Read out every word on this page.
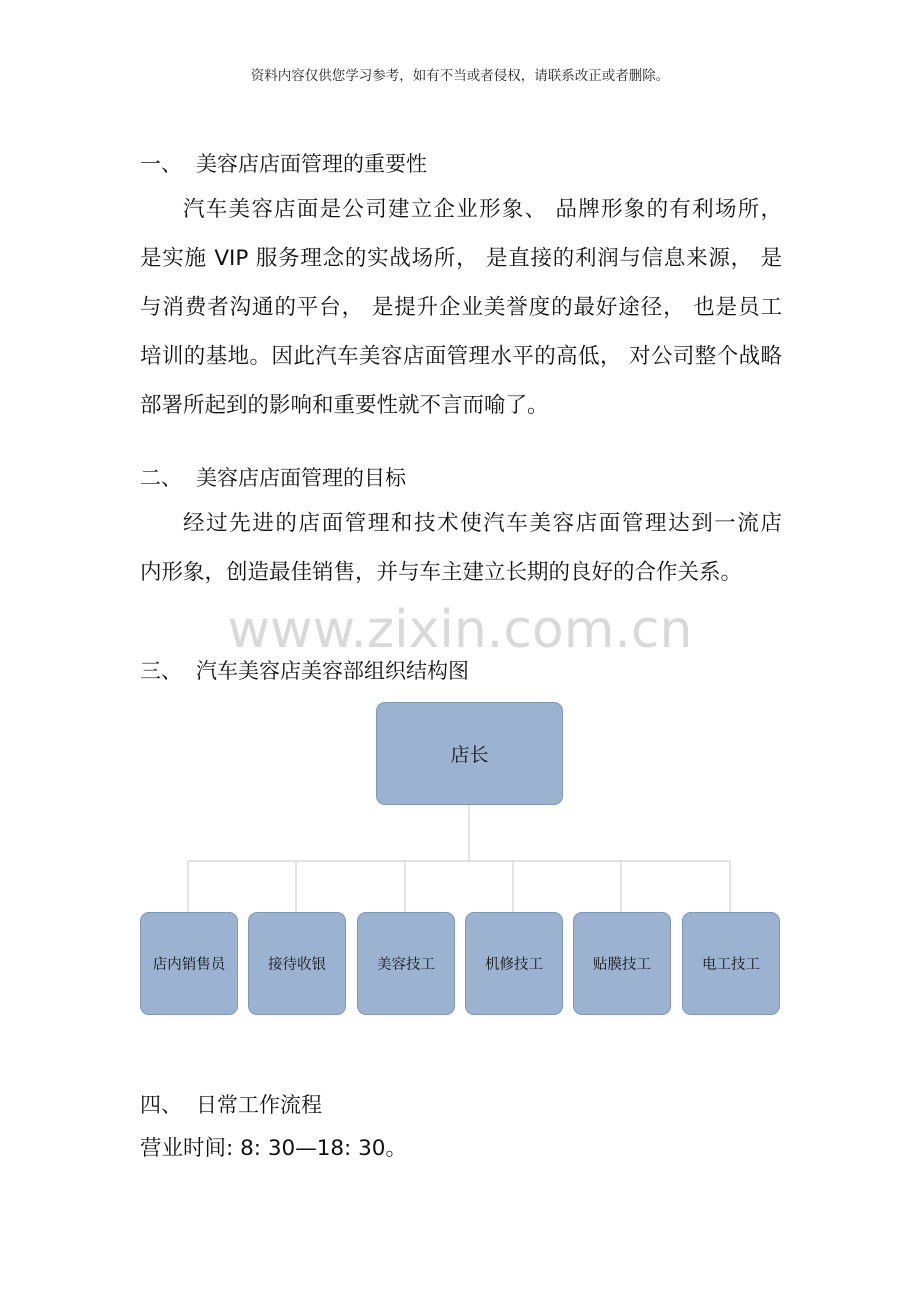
资料内容仅供您学习参考，如有不当或者侵权，请联系改正或者删除。
一、 美容店店面管理的重要性
汽车美容店面是公司建立企业形象、 品牌形象的有利场所，
是实施 VIP 服务理念的实战场所， 是直接的利润与信息来源， 是
与消费者沟通的平台， 是提升企业美誉度的最好途径， 也是员工
培训的基地。因此汽车美容店面管理水平的高低， 对公司整个战略
部署所起到的影响和重要性就不言而喻了。
二、 美容店店面管理的目标
经过先进的店面管理和技术使汽车美容店面管理达到一流店
内形象，创造最佳销售，并与车主建立长期的良好的合作关系。
www.zixin.com.cn
三、 汽车美容店美容部组织结构图
店长
店内销售员	接待收银	美容技工	机修技工	贴膜技工	电工技工
四、 日常工作流程
营业时间: 8: 30—18: 30。
